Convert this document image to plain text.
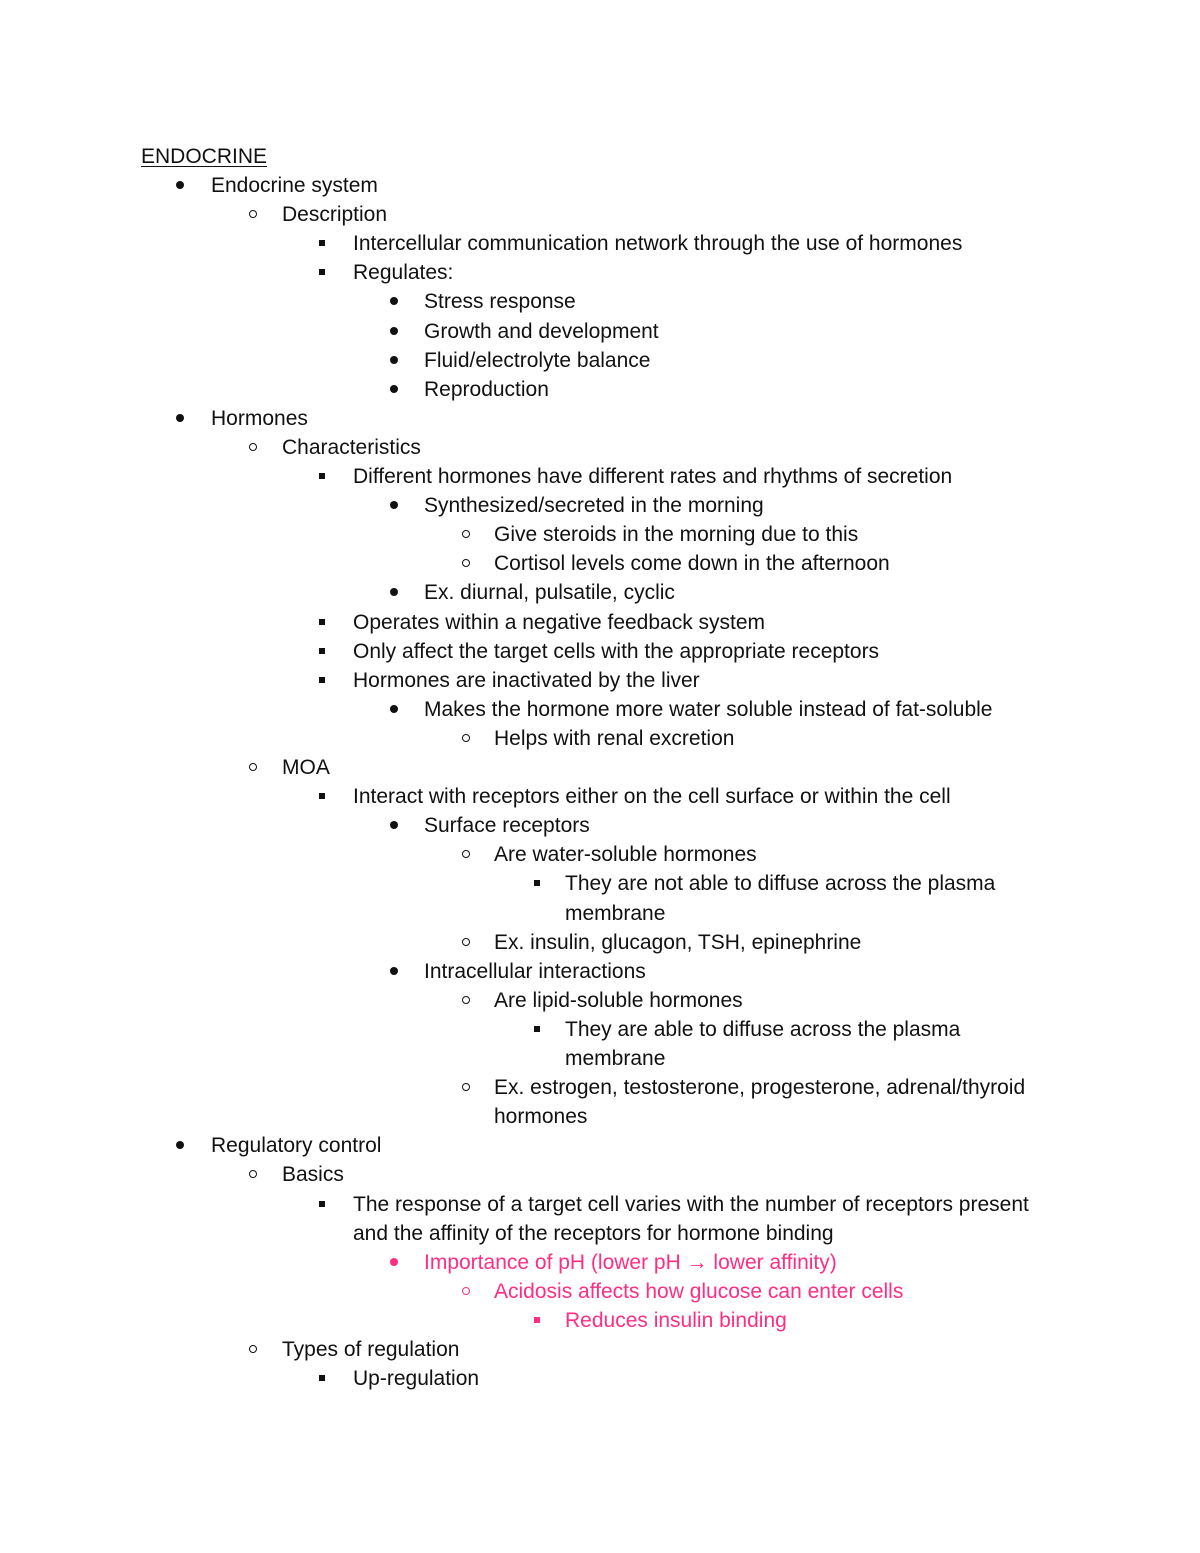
ENDOCRINE
Endocrine system
Description
Intercellular communication network through the use of hormones
Regulates:
Stress response
Growth and development
Fluid/electrolyte balance
Reproduction
Hormones
Characteristics
Different hormones have different rates and rhythms of secretion
Synthesized/secreted in the morning
Give steroids in the morning due to this
Cortisol levels come down in the afternoon
Ex. diurnal, pulsatile, cyclic
Operates within a negative feedback system
Only affect the target cells with the appropriate receptors
Hormones are inactivated by the liver
Makes the hormone more water soluble instead of fat-soluble
Helps with renal excretion
MOA
Interact with receptors either on the cell surface or within the cell
Surface receptors
Are water-soluble hormones
They are not able to diffuse across the plasma
membrane
Ex. insulin, glucagon, TSH, epinephrine
Intracellular interactions
Are lipid-soluble hormones
They are able to diffuse across the plasma
membrane
Ex. estrogen, testosterone, progesterone, adrenal/thyroid
hormones
Regulatory control
Basics
The response of a target cell varies with the number of receptors present
and the affinity of the receptors for hormone binding
Importance of pH (lower pH → lower affinity)
Acidosis affects how glucose can enter cells
Reduces insulin binding
Types of regulation
Up-regulation
